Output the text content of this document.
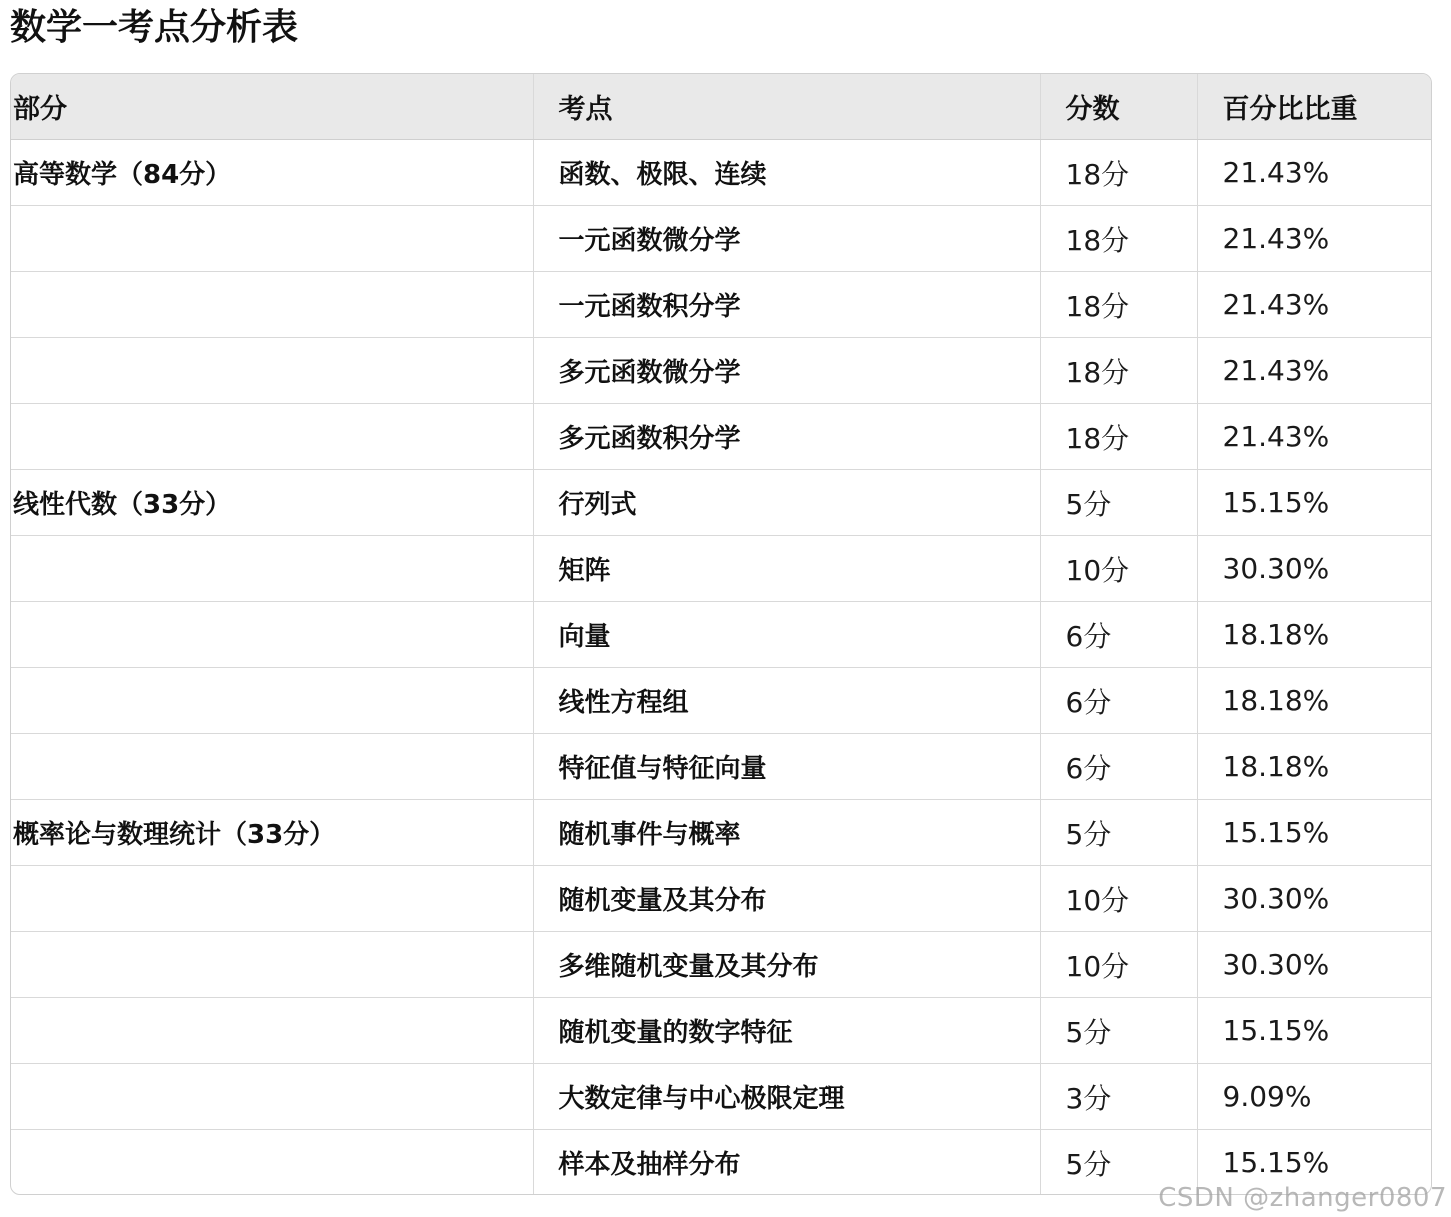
数学一考点分析表
部分	考点	分数	百分比比重
高等数学（84分）	函数、极限、连续	18分	21.43%
	一元函数微分学	18分	21.43%
	一元函数积分学	18分	21.43%
	多元函数微分学	18分	21.43%
	多元函数积分学	18分	21.43%
线性代数（33分）	行列式	5分	15.15%
	矩阵	10分	30.30%
	向量	6分	18.18%
	线性方程组	6分	18.18%
	特征值与特征向量	6分	18.18%
概率论与数理统计（33分）	随机事件与概率	5分	15.15%
	随机变量及其分布	10分	30.30%
	多维随机变量及其分布	10分	30.30%
	随机变量的数字特征	5分	15.15%
	大数定律与中心极限定理	3分	9.09%
	样本及抽样分布	5分	15.15%
CSDN @zhanger0807
